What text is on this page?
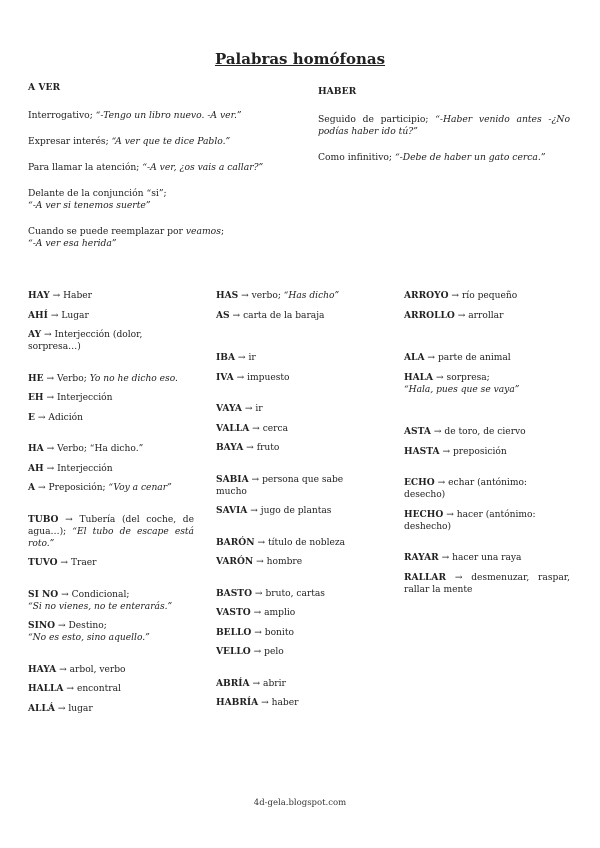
Palabras homófonas

A VER

Interrogativo; “-Tengo un libro nuevo. -A ver.”

Expresar interés; “A ver que te dice Pablo.”

Para llamar la atención; “-A ver, ¿os vais a callar?”

Delante de la conjunción “si”;
“-A ver si tenemos suerte”

Cuando se puede reemplazar por veamos;
“-A ver esa herida”

HABER

Seguido de participio; “-Haber venido antes -¿No podías haber ido tú?”

Como infinitivo; “-Debe de haber un gato cerca.”

HAY → Haber
AHÍ → Lugar
AY → Interjección (dolor, sorpresa…)
HE → Verbo; Yo no he dicho eso.
EH → Interjección
E → Adición
HA → Verbo; “Ha dicho.”
AH → Interjección
A → Preposición; “Voy a cenar”
TUBO → Tubería (del coche, de agua…); “El tubo de escape está roto.”
TUVO → Traer
SI NO → Condicional;
“Si no vienes, no te enterarás.”
SINO → Destino;
“No es esto, sino aquello.”
HAYA → arbol, verbo
HALLA → encontral
ALLÁ → lugar
HAS → verbo; “Has dicho”
AS → carta de la baraja
IBA → ir
IVA → impuesto
VAYA → ir
VALLA → cerca
BAYA → fruto
SABIA → persona que sabe mucho
SAVIA → jugo de plantas
BARÓN → título de nobleza
VARÓN → hombre
BASTO → bruto, cartas
VASTO → amplio
BELLO → bonito
VELLO → pelo
ABRÍA → abrir
HABRÍA → haber
ARROYO → río pequeño
ARROLLO → arrollar
ALA → parte de animal
HALA → sorpresa;
“Hala, pues que se vaya”
ASTA → de toro, de ciervo
HASTA → preposición
ECHO → echar (antónimo: desecho)
HECHO → hacer (antónimo: deshecho)
RAYAR → hacer una raya
RALLAR → desmenuzar, raspar, rallar la mente
4d-gela.blogspot.com
